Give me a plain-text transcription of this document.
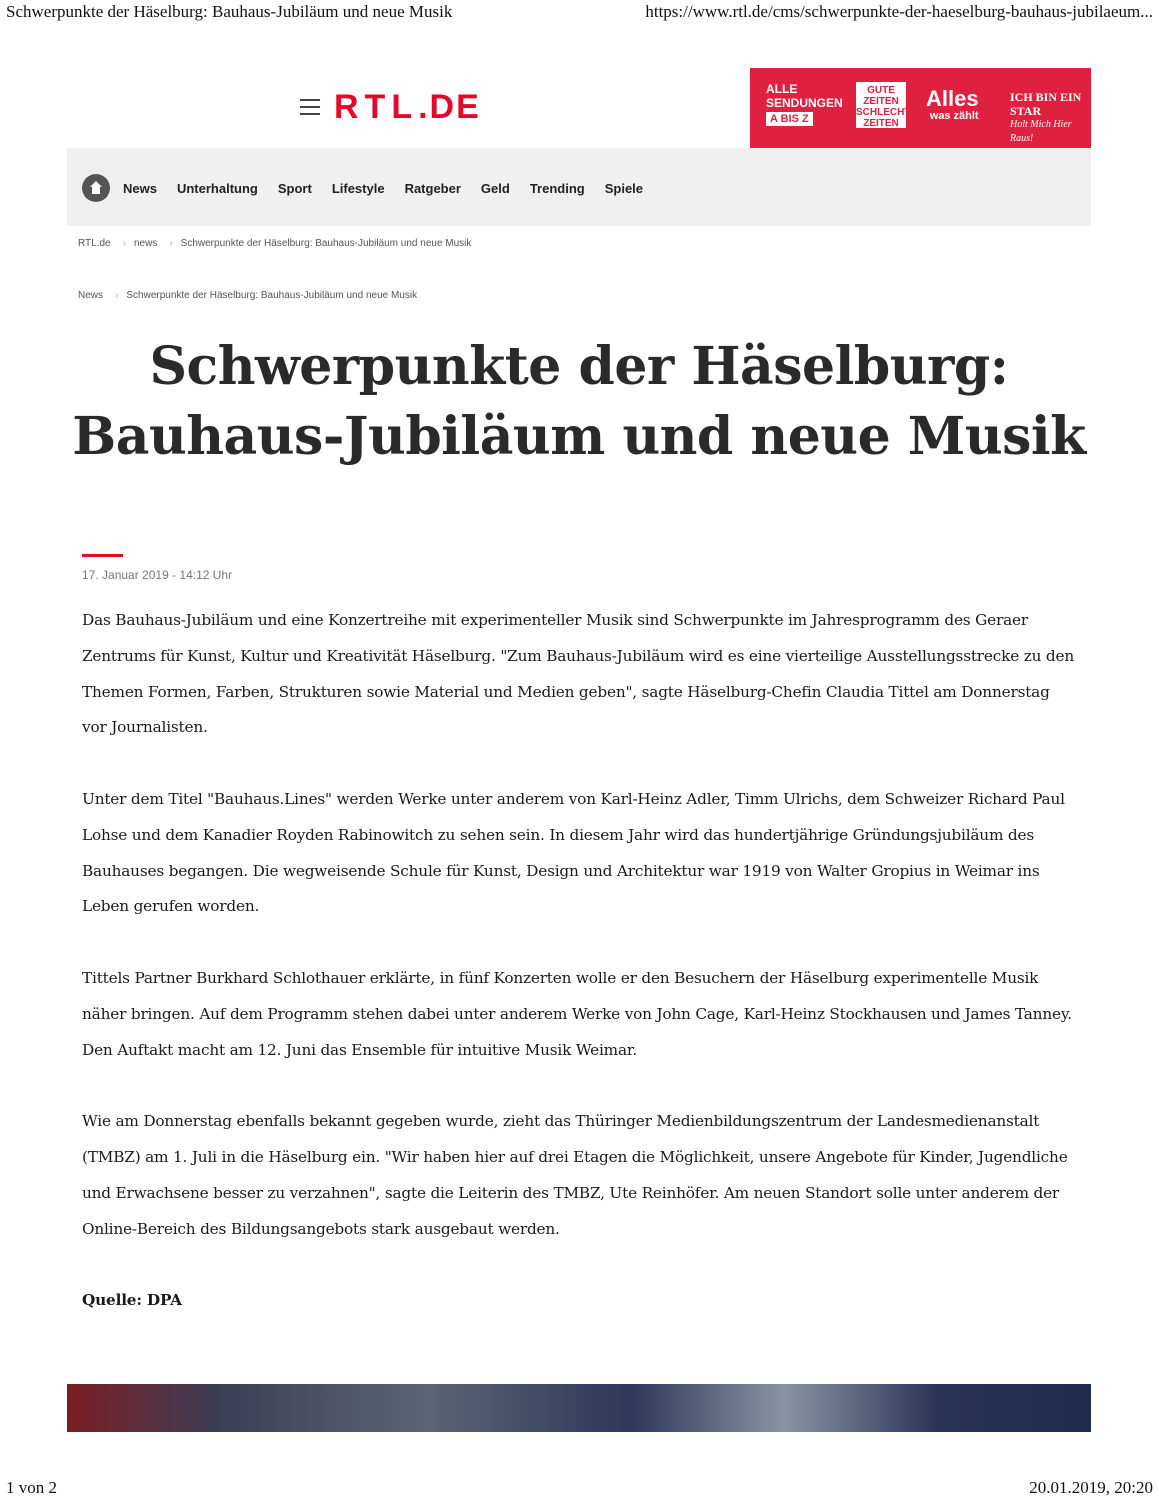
Schwerpunkte der Häselburg: Bauhaus-Jubiläum und neue Musik	https://www.rtl.de/cms/schwerpunkte-der-haeselburg-bauhaus-jubilaeum...
RTL.DE	ALLE
SENDUNGEN
A BIS Z
GUTE ZEITEN SCHLECHTE ZEITEN
Alles
was zählt
ICH BIN EIN STAR
Holt Mich Hier Raus!
News Unterhaltung Sport Lifestyle Ratgeber Geld Trending Spiele
RTL.de › news › Schwerpunkte der Häselburg: Bauhaus-Jubiläum und neue Musik
News › Schwerpunkte der Häselburg: Bauhaus-Jubiläum und neue Musik
Schwerpunkte der Häselburg:
Bauhaus-Jubiläum und neue Musik
17. Januar 2019 - 14:12 Uhr

Das Bauhaus-Jubiläum und eine Konzertreihe mit experimenteller Musik sind Schwerpunkte im Jahresprogramm des Geraer Zentrums für Kunst, Kultur und Kreativität Häselburg. "Zum Bauhaus-Jubiläum wird es eine vierteilige Ausstellungsstrecke zu den Themen Formen, Farben, Strukturen sowie Material und Medien geben", sagte Häselburg-Chefin Claudia Tittel am Donnerstag vor Journalisten.

Unter dem Titel "Bauhaus.Lines" werden Werke unter anderem von Karl-Heinz Adler, Timm Ulrichs, dem Schweizer Richard Paul Lohse und dem Kanadier Royden Rabinowitch zu sehen sein. In diesem Jahr wird das hundertjährige Gründungsjubiläum des Bauhauses begangen. Die wegweisende Schule für Kunst, Design und Architektur war 1919 von Walter Gropius in Weimar ins Leben gerufen worden.

Tittels Partner Burkhard Schlothauer erklärte, in fünf Konzerten wolle er den Besuchern der Häselburg experimentelle Musik näher bringen. Auf dem Programm stehen dabei unter anderem Werke von John Cage, Karl-Heinz Stockhausen und James Tanney. Den Auftakt macht am 12. Juni das Ensemble für intuitive Musik Weimar.

Wie am Donnerstag ebenfalls bekannt gegeben wurde, zieht das Thüringer Medienbildungszentrum der Landesmedienanstalt (TMBZ) am 1. Juli in die Häselburg ein. "Wir haben hier auf drei Etagen die Möglichkeit, unsere Angebote für Kinder, Jugendliche und Erwachsene besser zu verzahnen", sagte die Leiterin des TMBZ, Ute Reinhöfer. Am neuen Standort solle unter anderem der Online-Bereich des Bildungsangebots stark ausgebaut werden.

Quelle: DPA

1 von 2	20.01.2019, 20:20
